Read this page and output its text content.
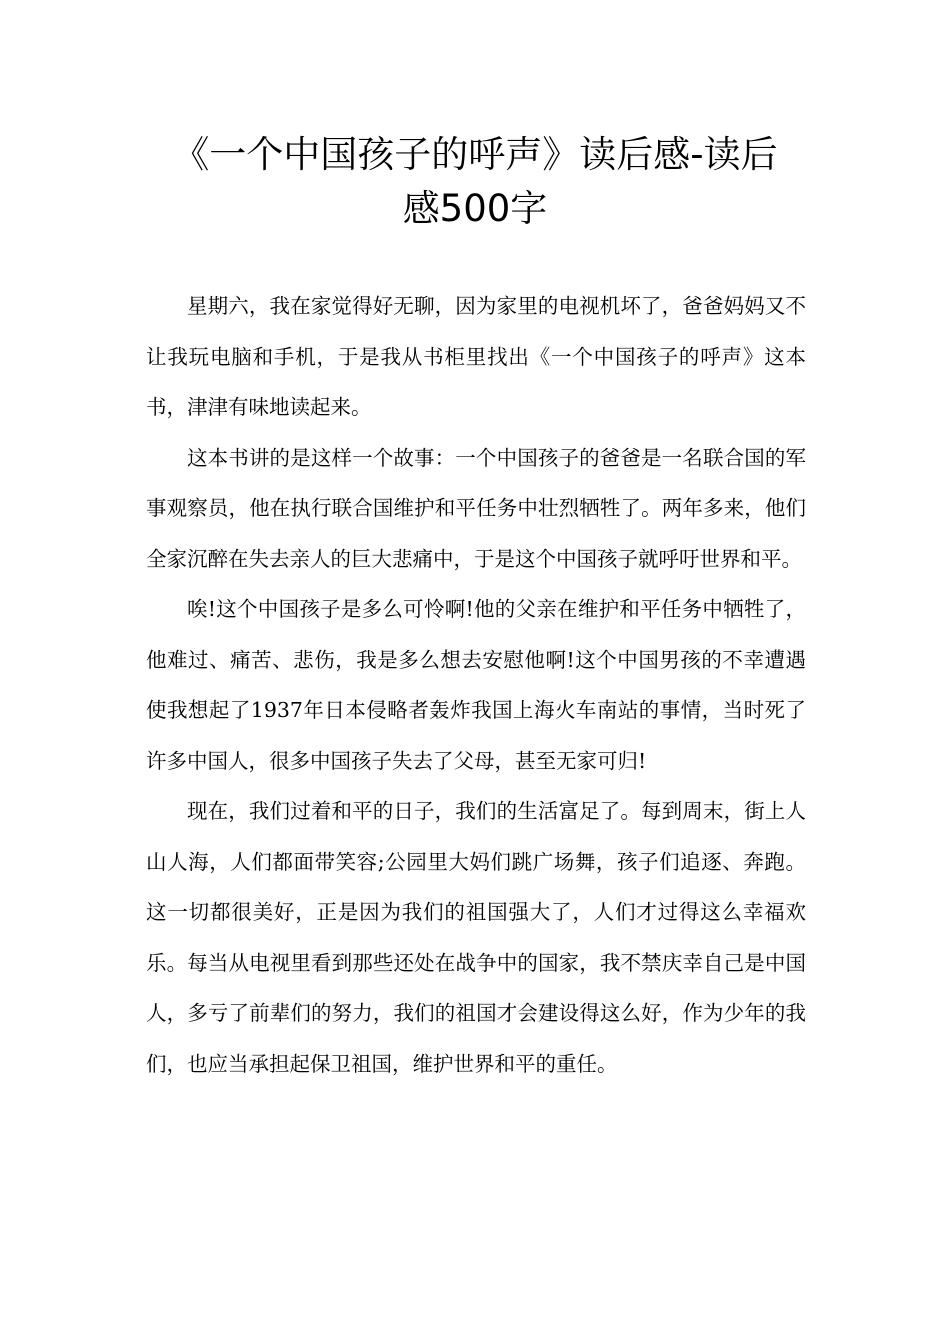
《一个中国孩子的呼声》读后感-读后
感500字

星期六，我在家觉得好无聊，因为家里的电视机坏了，爸爸妈妈又不让我玩电脑和手机，于是我从书柜里找出《一个中国孩子的呼声》这本书，津津有味地读起来。

这本书讲的是这样一个故事：一个中国孩子的爸爸是一名联合国的军事观察员，他在执行联合国维护和平任务中壮烈牺牲了。两年多来，他们全家沉醉在失去亲人的巨大悲痛中，于是这个中国孩子就呼吁世界和平。

唉!这个中国孩子是多么可怜啊!他的父亲在维护和平任务中牺牲了，他难过、痛苦、悲伤，我是多么想去安慰他啊!这个中国男孩的不幸遭遇使我想起了1937年日本侵略者轰炸我国上海火车南站的事情，当时死了许多中国人，很多中国孩子失去了父母，甚至无家可归!

现在，我们过着和平的日子，我们的生活富足了。每到周末，街上人山人海，人们都面带笑容;公园里大妈们跳广场舞，孩子们追逐、奔跑。这一切都很美好，正是因为我们的祖国强大了，人们才过得这么幸福欢乐。每当从电视里看到那些还处在战争中的国家，我不禁庆幸自己是中国人，多亏了前辈们的努力，我们的祖国才会建设得这么好，作为少年的我们，也应当承担起保卫祖国，维护世界和平的重任。
